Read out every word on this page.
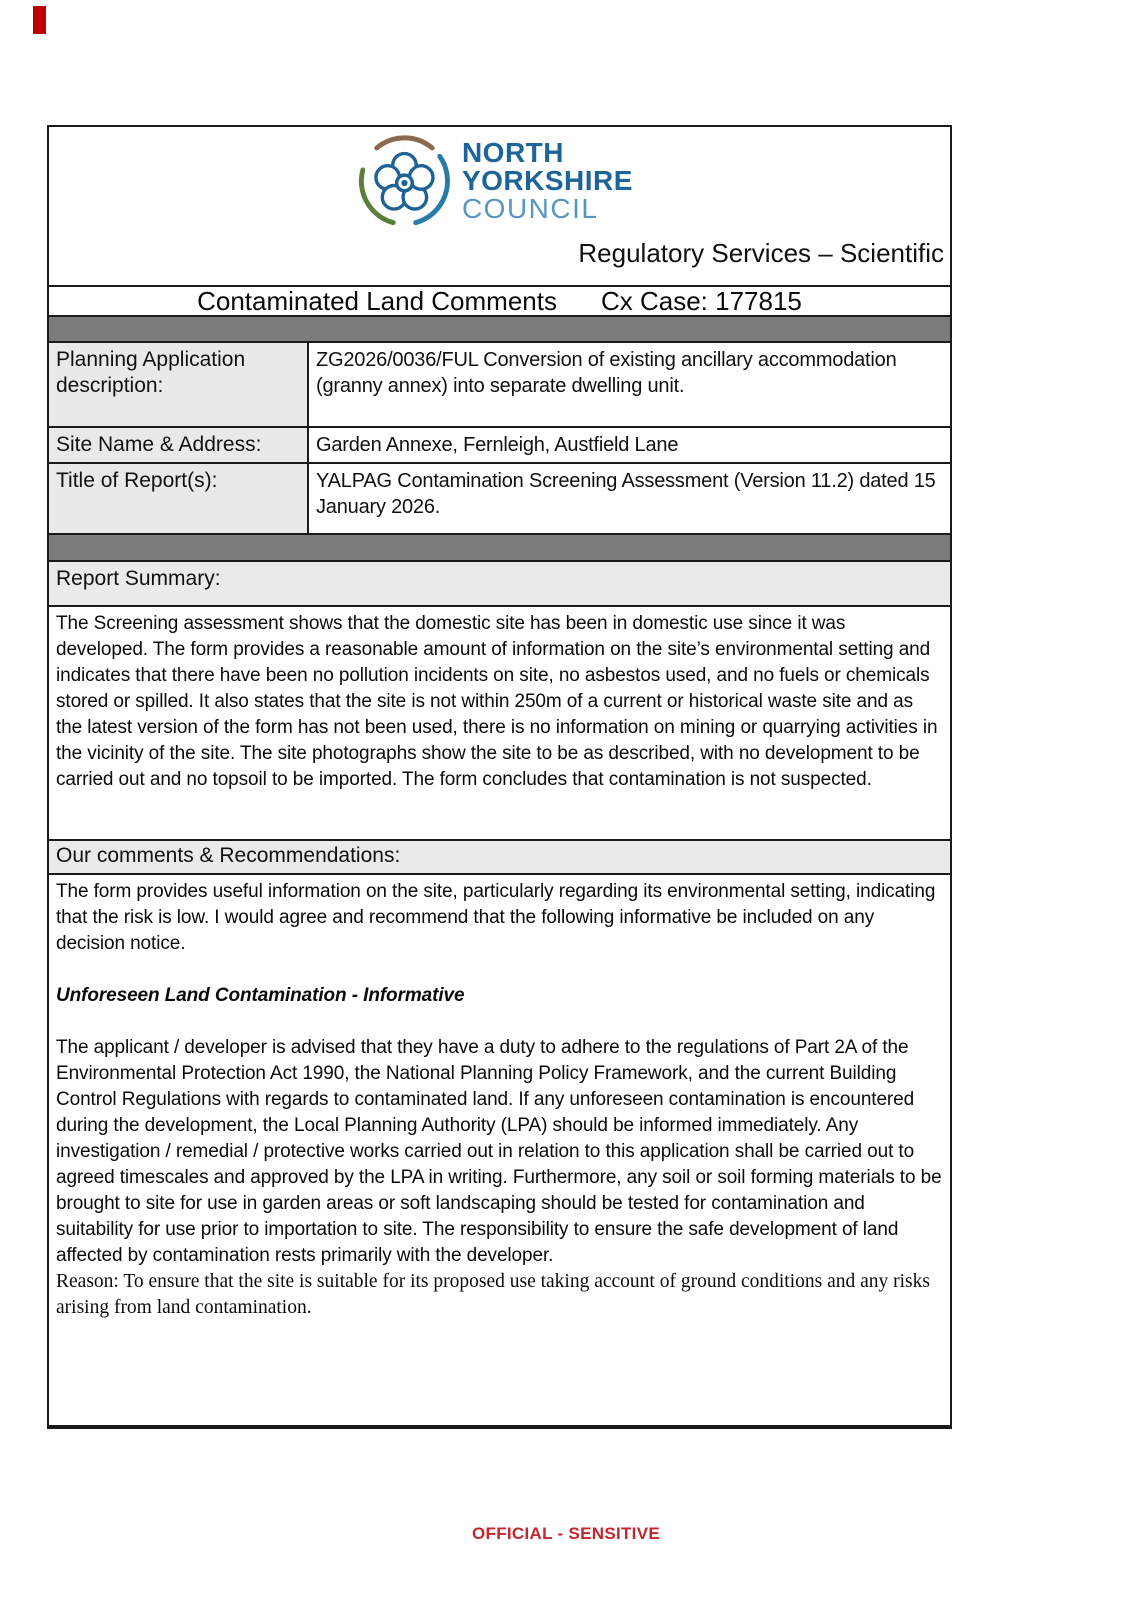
NORTH
YORKSHIRE
COUNCIL
Regulatory Services – Scientific
Contaminated Land Comments Cx Case: 177815
Planning Application description:
ZG2026/0036/FUL Conversion of existing ancillary accommodation (granny annex) into separate dwelling unit.
Site Name & Address:	Garden Annexe, Fernleigh, Austfield Lane
Title of Report(s):	YALPAG Contamination Screening Assessment (Version 11.2) dated 15 January 2026.
Report Summary:
The Screening assessment shows that the domestic site has been in domestic use since it was developed. The form provides a reasonable amount of information on the site’s environmental setting and indicates that there have been no pollution incidents on site, no asbestos used, and no fuels or chemicals stored or spilled. It also states that the site is not within 250m of a current or historical waste site and as the latest version of the form has not been used, there is no information on mining or quarrying activities in the vicinity of the site. The site photographs show the site to be as described, with no development to be carried out and no topsoil to be imported. The form concludes that contamination is not suspected.
Our comments & Recommendations:

The form provides useful information on the site, particularly regarding its environmental setting, indicating that the risk is low. I would agree and recommend that the following informative be included on any decision notice.

Unforeseen Land Contamination - Informative

The applicant / developer is advised that they have a duty to adhere to the regulations of Part 2A of the Environmental Protection Act 1990, the National Planning Policy Framework, and the current Building Control Regulations with regards to contaminated land. If any unforeseen contamination is encountered during the development, the Local Planning Authority (LPA) should be informed immediately. Any investigation / remedial / protective works carried out in relation to this application shall be carried out to agreed timescales and approved by the LPA in writing. Furthermore, any soil or soil forming materials to be brought to site for use in garden areas or soft landscaping should be tested for contamination and suitability for use prior to importation to site. The responsibility to ensure the safe development of land affected by contamination rests primarily with the developer.

Reason: To ensure that the site is suitable for its proposed use taking account of ground conditions and any risks arising from land contamination.

OFFICIAL - SENSITIVE
